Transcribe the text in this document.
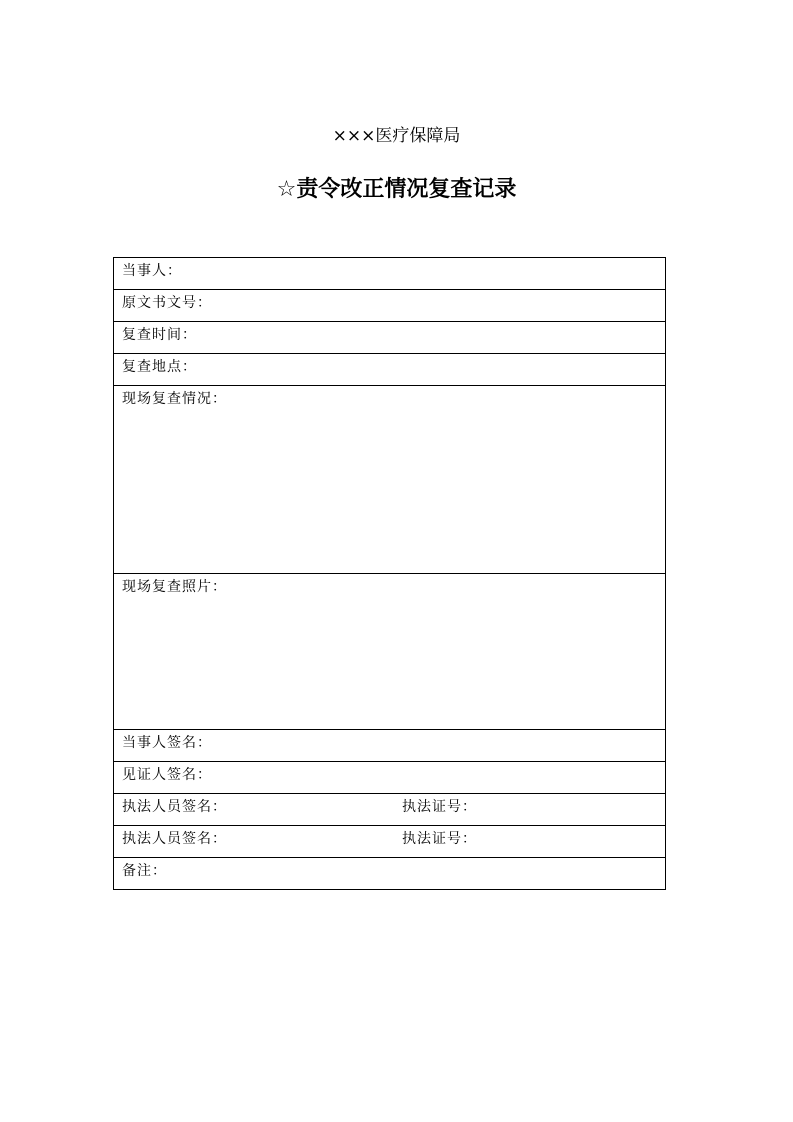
×××医疗保障局
☆责令改正情况复查记录
当事人：
原文书文号：
复查时间：
复查地点：
现场复查情况：
现场复查照片：
当事人签名：
见证人签名：

执法人员签名：	执法证号：

执法人员签名：	执法证号：

备注：
